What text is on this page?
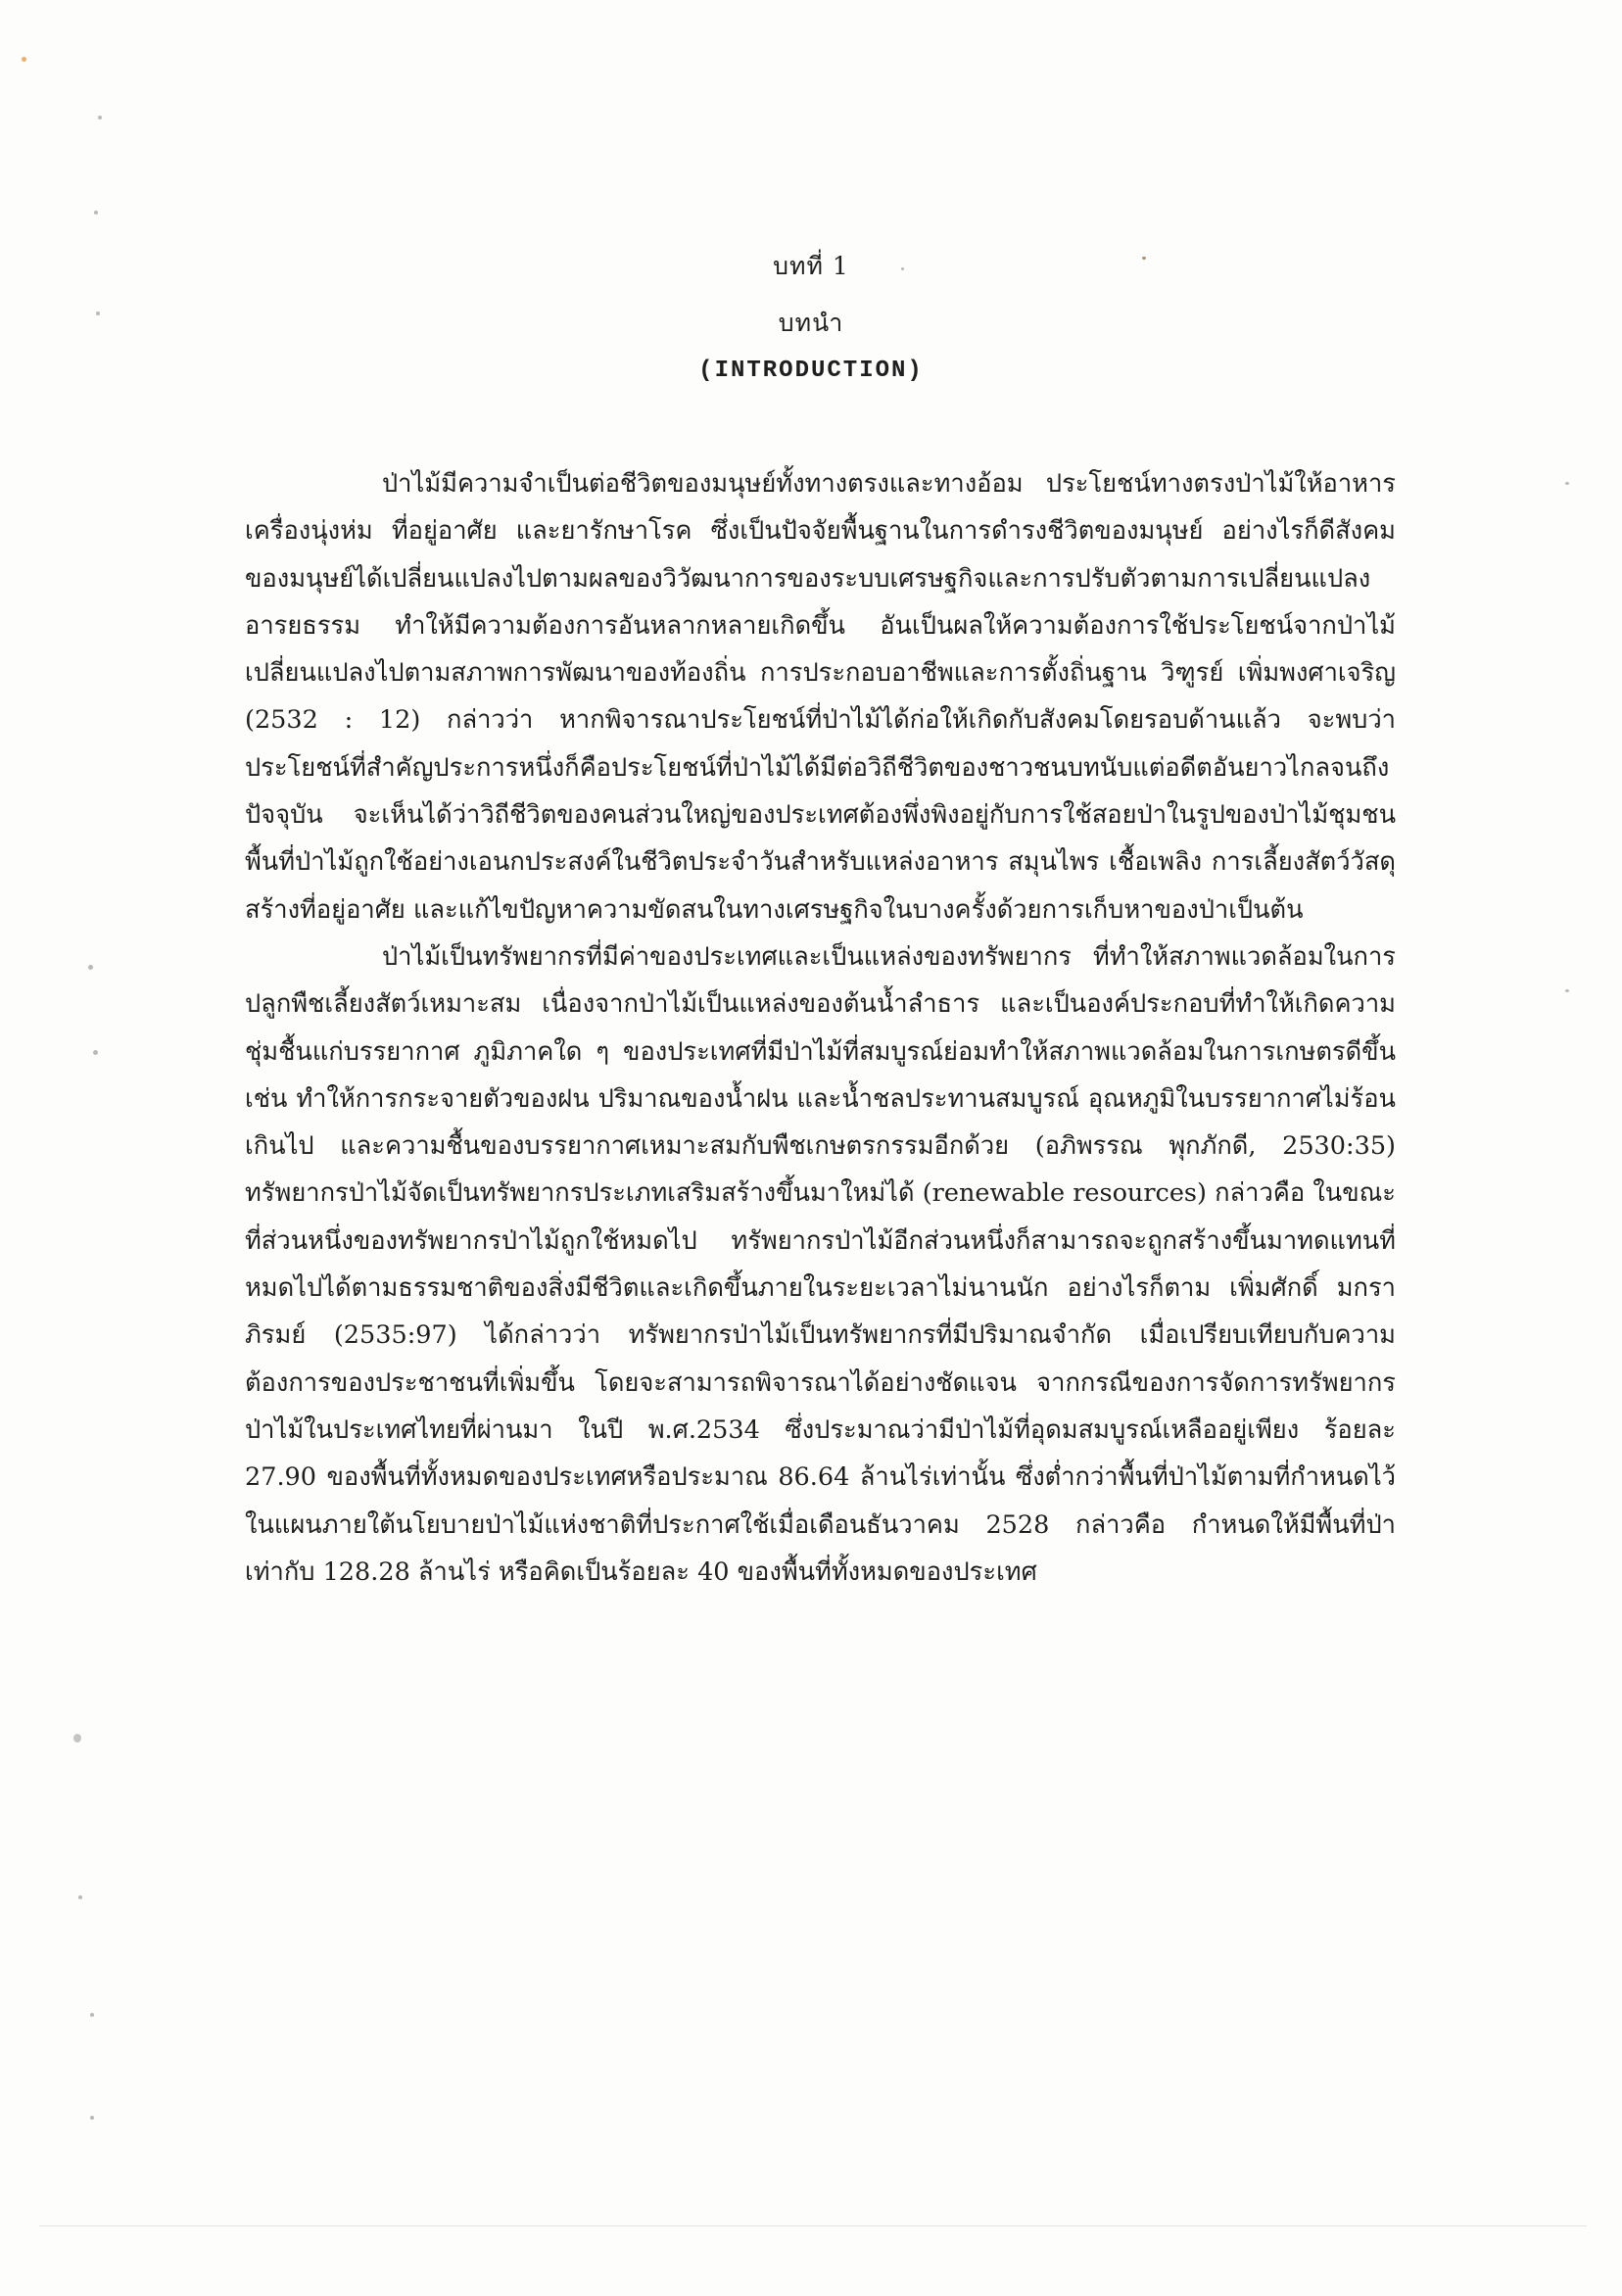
บทที่ 1
บทนำ
(INTRODUCTION)

ป่าไม้มีความจำเป็นต่อชีวิตของมนุษย์ทั้งทางตรงและทางอ้อม ประโยชน์ทางตรงป่าไม้ให้อาหาร เครื่องนุ่งห่ม ที่อยู่อาศัย และยารักษาโรค ซึ่งเป็นปัจจัยพื้นฐานในการดำรงชีวิตของมนุษย์ อย่างไรก็ดีสังคมของมนุษย์ได้เปลี่ยนแปลงไปตามผลของวิวัฒนาการของระบบเศรษฐกิจและการปรับตัวตามการเปลี่ยนแปลงอารยธรรม ทำให้มีความต้องการอันหลากหลายเกิดขึ้น อันเป็นผลให้ความต้องการใช้ประโยชน์จากป่าไม้เปลี่ยนแปลงไปตามสภาพการพัฒนาของท้องถิ่น การประกอบอาชีพและการตั้งถิ่นฐาน วิฑูรย์ เพิ่มพงศาเจริญ (2532 : 12) กล่าวว่า หากพิจารณาประโยชน์ที่ป่าไม้ได้ก่อให้เกิดกับสังคมโดยรอบด้านแล้ว จะพบว่าประโยชน์ที่สำคัญประการหนึ่งก็คือประโยชน์ที่ป่าไม้ได้มีต่อวิถีชีวิตของชาวชนบทนับแต่อดีตอันยาวไกลจนถึงปัจจุบัน จะเห็นได้ว่าวิถีชีวิตของคนส่วนใหญ่ของประเทศต้องพึ่งพิงอยู่กับการใช้สอยป่าในรูปของป่าไม้ชุมชน พื้นที่ป่าไม้ถูกใช้อย่างเอนกประสงค์ในชีวิตประจำวันสำหรับแหล่งอาหาร สมุนไพร เชื้อเพลิง การเลี้ยงสัตว์วัสดุสร้างที่อยู่อาศัย และแก้ไขปัญหาความขัดสนในทางเศรษฐกิจในบางครั้งด้วยการเก็บหาของป่าเป็นต้น

ป่าไม้เป็นทรัพยากรที่มีค่าของประเทศและเป็นแหล่งของทรัพยากร ที่ทำให้สภาพแวดล้อมในการปลูกพืชเลี้ยงสัตว์เหมาะสม เนื่องจากป่าไม้เป็นแหล่งของต้นน้ำลำธาร และเป็นองค์ประกอบที่ทำให้เกิดความชุ่มชื้นแก่บรรยากาศ ภูมิภาคใด ๆ ของประเทศที่มีป่าไม้ที่สมบูรณ์ย่อมทำให้สภาพแวดล้อมในการเกษตรดีขึ้น เช่น ทำให้การกระจายตัวของฝน ปริมาณของน้ำฝน และน้ำชลประทานสมบูรณ์ อุณหภูมิในบรรยากาศไม่ร้อนเกินไป และความชื้นของบรรยากาศเหมาะสมกับพืชเกษตรกรรมอีกด้วย (อภิพรรณ พุกภักดี, 2530:35) ทรัพยากรป่าไม้จัดเป็นทรัพยากรประเภทเสริมสร้างขึ้นมาใหม่ได้ (renewable resources) กล่าวคือ ในขณะที่ส่วนหนึ่งของทรัพยากรป่าไม้ถูกใช้หมดไป ทรัพยากรป่าไม้อีกส่วนหนึ่งก็สามารถจะถูกสร้างขึ้นมาทดแทนที่หมดไปได้ตามธรรมชาติของสิ่งมีชีวิตและเกิดขึ้นภายในระยะเวลาไม่นานนัก อย่างไรก็ตาม เพิ่มศักดิ์ มกราภิรมย์ (2535:97) ได้กล่าวว่า ทรัพยากรป่าไม้เป็นทรัพยากรที่มีปริมาณจำกัด เมื่อเปรียบเทียบกับความต้องการของประชาชนที่เพิ่มขึ้น โดยจะสามารถพิจารณาได้อย่างชัดแจน จากกรณีของการจัดการทรัพยากรป่าไม้ในประเทศไทยที่ผ่านมา ในปี พ.ศ.2534 ซึ่งประมาณว่ามีป่าไม้ที่อุดมสมบูรณ์เหลืออยู่เพียง ร้อยละ 27.90 ของพื้นที่ทั้งหมดของประเทศหรือประมาณ 86.64 ล้านไร่เท่านั้น ซึ่งต่ำกว่าพื้นที่ป่าไม้ตามที่กำหนดไว้ในแผนภายใต้นโยบายป่าไม้แห่งชาติที่ประกาศใช้เมื่อเดือนธันวาคม 2528 กล่าวคือ กำหนดให้มีพื้นที่ป่าเท่ากับ 128.28 ล้านไร่ หรือคิดเป็นร้อยละ 40 ของพื้นที่ทั้งหมดของประเทศ
